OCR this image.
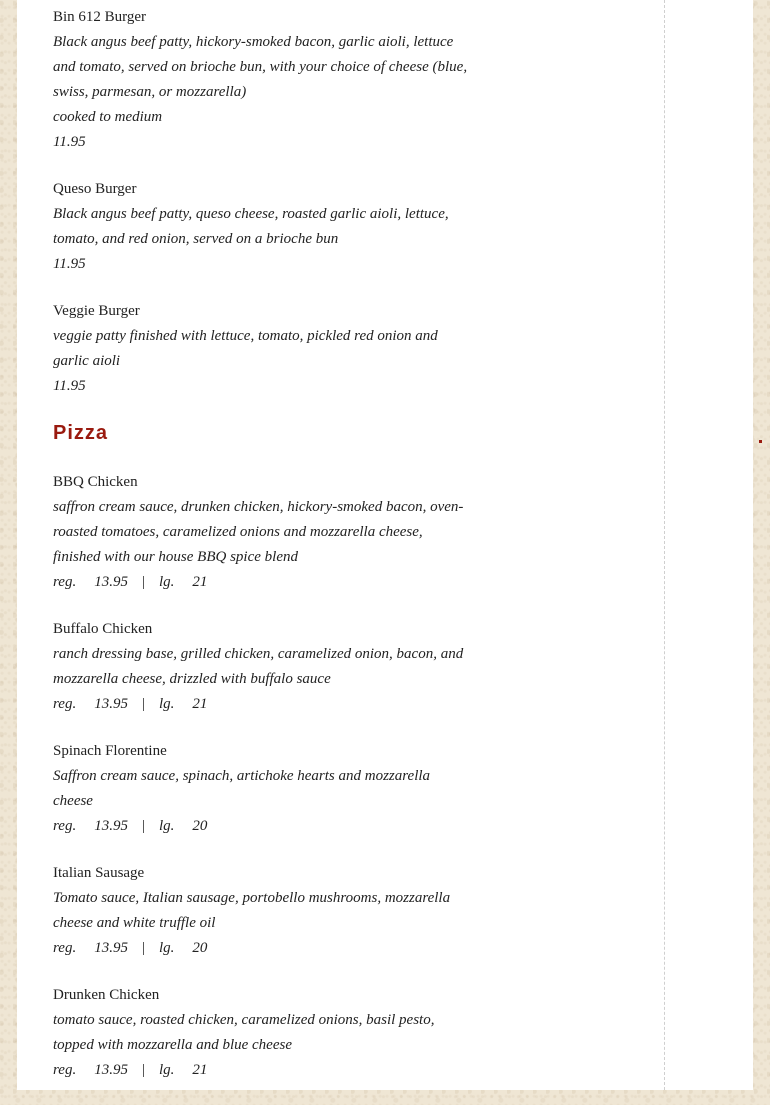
Bin 612 Burger
Black angus beef patty, hickory-smoked bacon, garlic aioli, lettuce and tomato, served on brioche bun, with your choice of cheese (blue, swiss, parmesan, or mozzarella)
cooked to medium
11.95
Queso Burger
Black angus beef patty, queso cheese, roasted garlic aioli, lettuce, tomato, and red onion, served on a brioche bun
11.95
Veggie Burger
veggie patty finished with lettuce, tomato, pickled red onion and garlic aioli
11.95
Pizza
BBQ Chicken
saffron cream sauce, drunken chicken, hickory-smoked bacon, oven-roasted tomatoes, caramelized onions and mozzarella cheese, finished with our house BBQ spice blend
reg. 13.95 | lg. 21
Buffalo Chicken
ranch dressing base, grilled chicken, caramelized onion, bacon, and mozzarella cheese, drizzled with buffalo sauce
reg. 13.95 | lg. 21
Spinach Florentine
Saffron cream sauce, spinach, artichoke hearts and mozzarella cheese
reg. 13.95 | lg. 20
Italian Sausage
Tomato sauce, Italian sausage, portobello mushrooms, mozzarella cheese and white truffle oil
reg. 13.95 | lg. 20
Drunken Chicken
tomato sauce, roasted chicken, caramelized onions, basil pesto, topped with mozzarella and blue cheese
reg. 13.95 | lg. 21
